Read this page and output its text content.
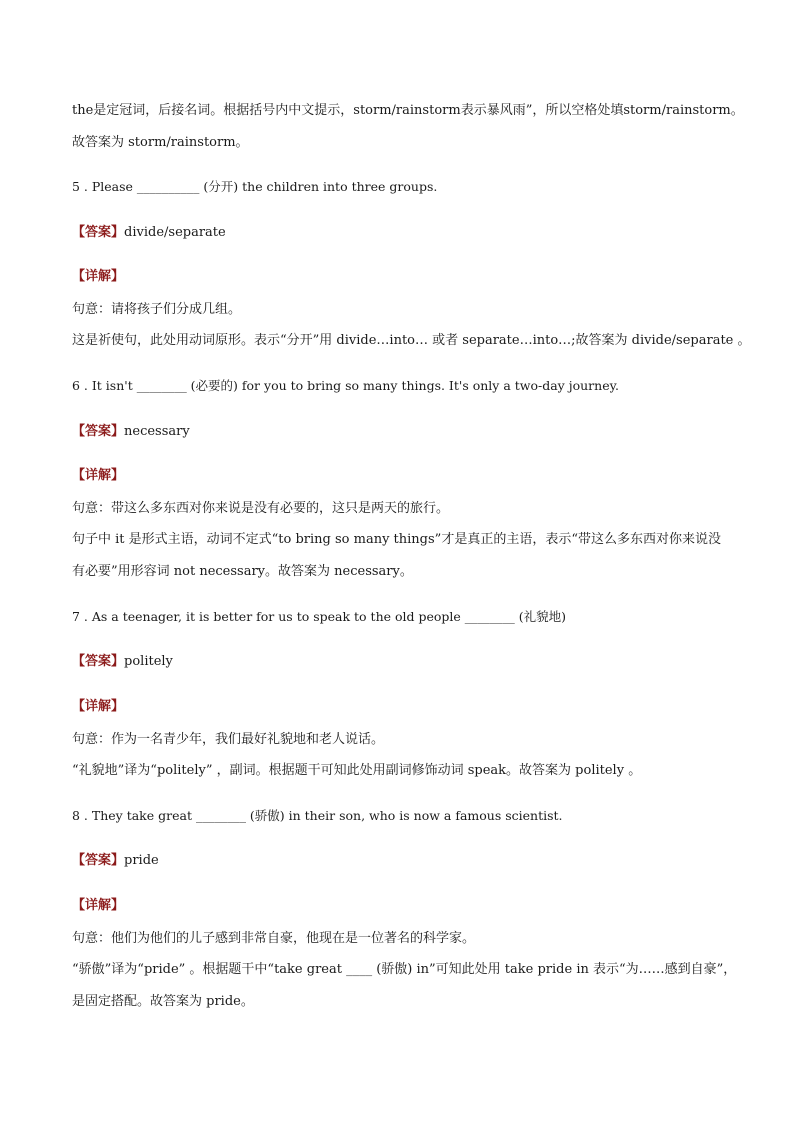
the是定冠词，后接名词。根据括号内中文提示，storm/rainstorm表示暴风雨”，所以空格处填storm/rainstorm。
故答案为 storm/rainstorm。
5 . Please __________ (分开) the children into three groups.
【答案】divide/separate
【详解】
句意：请将孩子们分成几组。
这是祈使句，此处用动词原形。表示“分开”用 divide…into… 或者 separate…into…;故答案为 divide/separate 。
6 . It isn't ________ (必要的) for you to bring so many things. It's only a two-day journey.
【答案】necessary
【详解】
句意：带这么多东西对你来说是没有必要的，这只是两天的旅行。
句子中 it 是形式主语，动词不定式“to bring so many things”才是真正的主语，表示“带这么多东西对你来说没
有必要”用形容词 not necessary。故答案为 necessary。
7 . As a teenager, it is better for us to speak to the old people ________ (礼貌地)
【答案】politely
【详解】
句意：作为一名青少年，我们最好礼貌地和老人说话。
“礼貌地”译为“politely” ，副词。根据题干可知此处用副词修饰动词 speak。故答案为 politely 。
8 . They take great ________ (骄傲) in their son, who is now a famous scientist.
【答案】pride
【详解】
句意：他们为他们的儿子感到非常自豪，他现在是一位著名的科学家。
“骄傲”译为“pride” 。根据题干中“take great ____ (骄傲) in”可知此处用 take pride in 表示“为……感到自豪”，
是固定搭配。故答案为 pride。
